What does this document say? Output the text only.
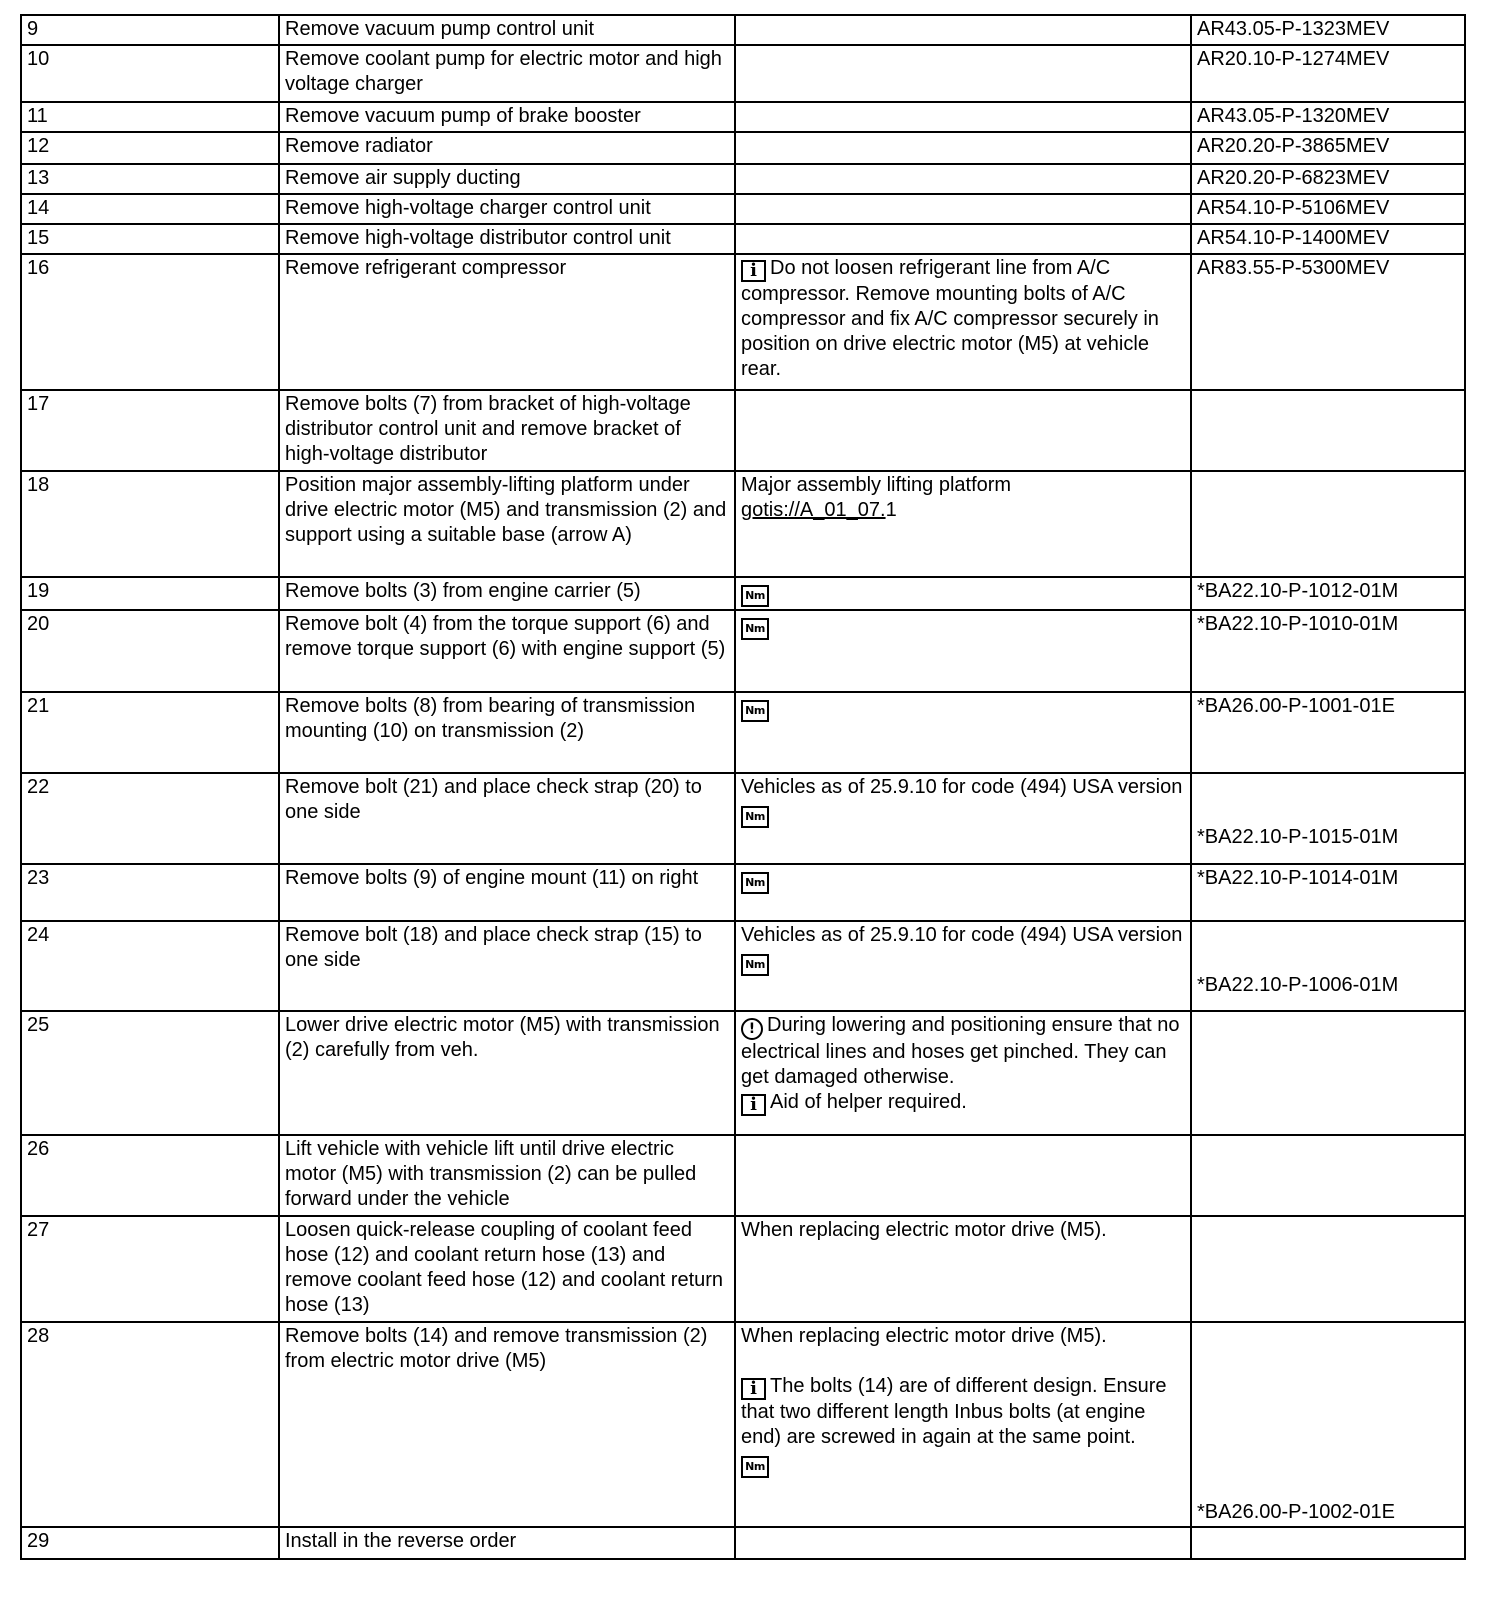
9	Remove vacuum pump control unit		AR43.05-P-1323MEV
10	Remove coolant pump for electric motor and high voltage charger		AR20.10-P-1274MEV
11	Remove vacuum pump of brake booster		AR43.05-P-1320MEV
12	Remove radiator		AR20.20-P-3865MEV
13	Remove air supply ducting		AR20.20-P-6823MEV
14	Remove high-voltage charger control unit		AR54.10-P-5106MEV
15	Remove high-voltage distributor control unit		AR54.10-P-1400MEV
16	Remove refrigerant compressor	i Do not loosen refrigerant line from A/C compressor. Remove mounting bolts of A/C compressor and fix A/C compressor securely in position on drive electric motor (M5) at vehicle rear.	AR83.55-P-5300MEV
17	Remove bolts (7) from bracket of high-voltage distributor control unit and remove bracket of high-voltage distributor		
18	Position major assembly-lifting platform under drive electric motor (M5) and transmission (2) and support using a suitable base (arrow A)	Major assembly lifting platform
gotis://A_01_07.1	
19	Remove bolts (3) from engine carrier (5)	Nm	*BA22.10-P-1012-01M
20	Remove bolt (4) from the torque support (6) and remove torque support (6) with engine support (5)	Nm	*BA22.10-P-1010-01M
21	Remove bolts (8) from bearing of transmission mounting (10) on transmission (2)	Nm	*BA26.00-P-1001-01E
22	Remove bolt (21) and place check strap (20) to one side	Vehicles as of 25.9.10 for code (494) USA version
Nm	*BA22.10-P-1015-01M
23	Remove bolts (9) of engine mount (11) on right	Nm	*BA22.10-P-1014-01M
24	Remove bolt (18) and place check strap (15) to one side	Vehicles as of 25.9.10 for code (494) USA version
Nm	*BA22.10-P-1006-01M
25	Lower drive electric motor (M5) with transmission (2) carefully from veh.	! During lowering and positioning ensure that no electrical lines and hoses get pinched. They can get damaged otherwise.
i Aid of helper required.	
26	Lift vehicle with vehicle lift until drive electric motor (M5) with transmission (2) can be pulled forward under the vehicle		
27	Loosen quick-release coupling of coolant feed hose (12) and coolant return hose (13) and remove coolant feed hose (12) and coolant return hose (13)	When replacing electric motor drive (M5).	
28	Remove bolts (14) and remove transmission (2) from electric motor drive (M5)	When replacing electric motor drive (M5).
i The bolts (14) are of different design. Ensure that two different length Inbus bolts (at engine end) are screwed in again at the same point.
Nm	*BA26.00-P-1002-01E
29	Install in the reverse order		
